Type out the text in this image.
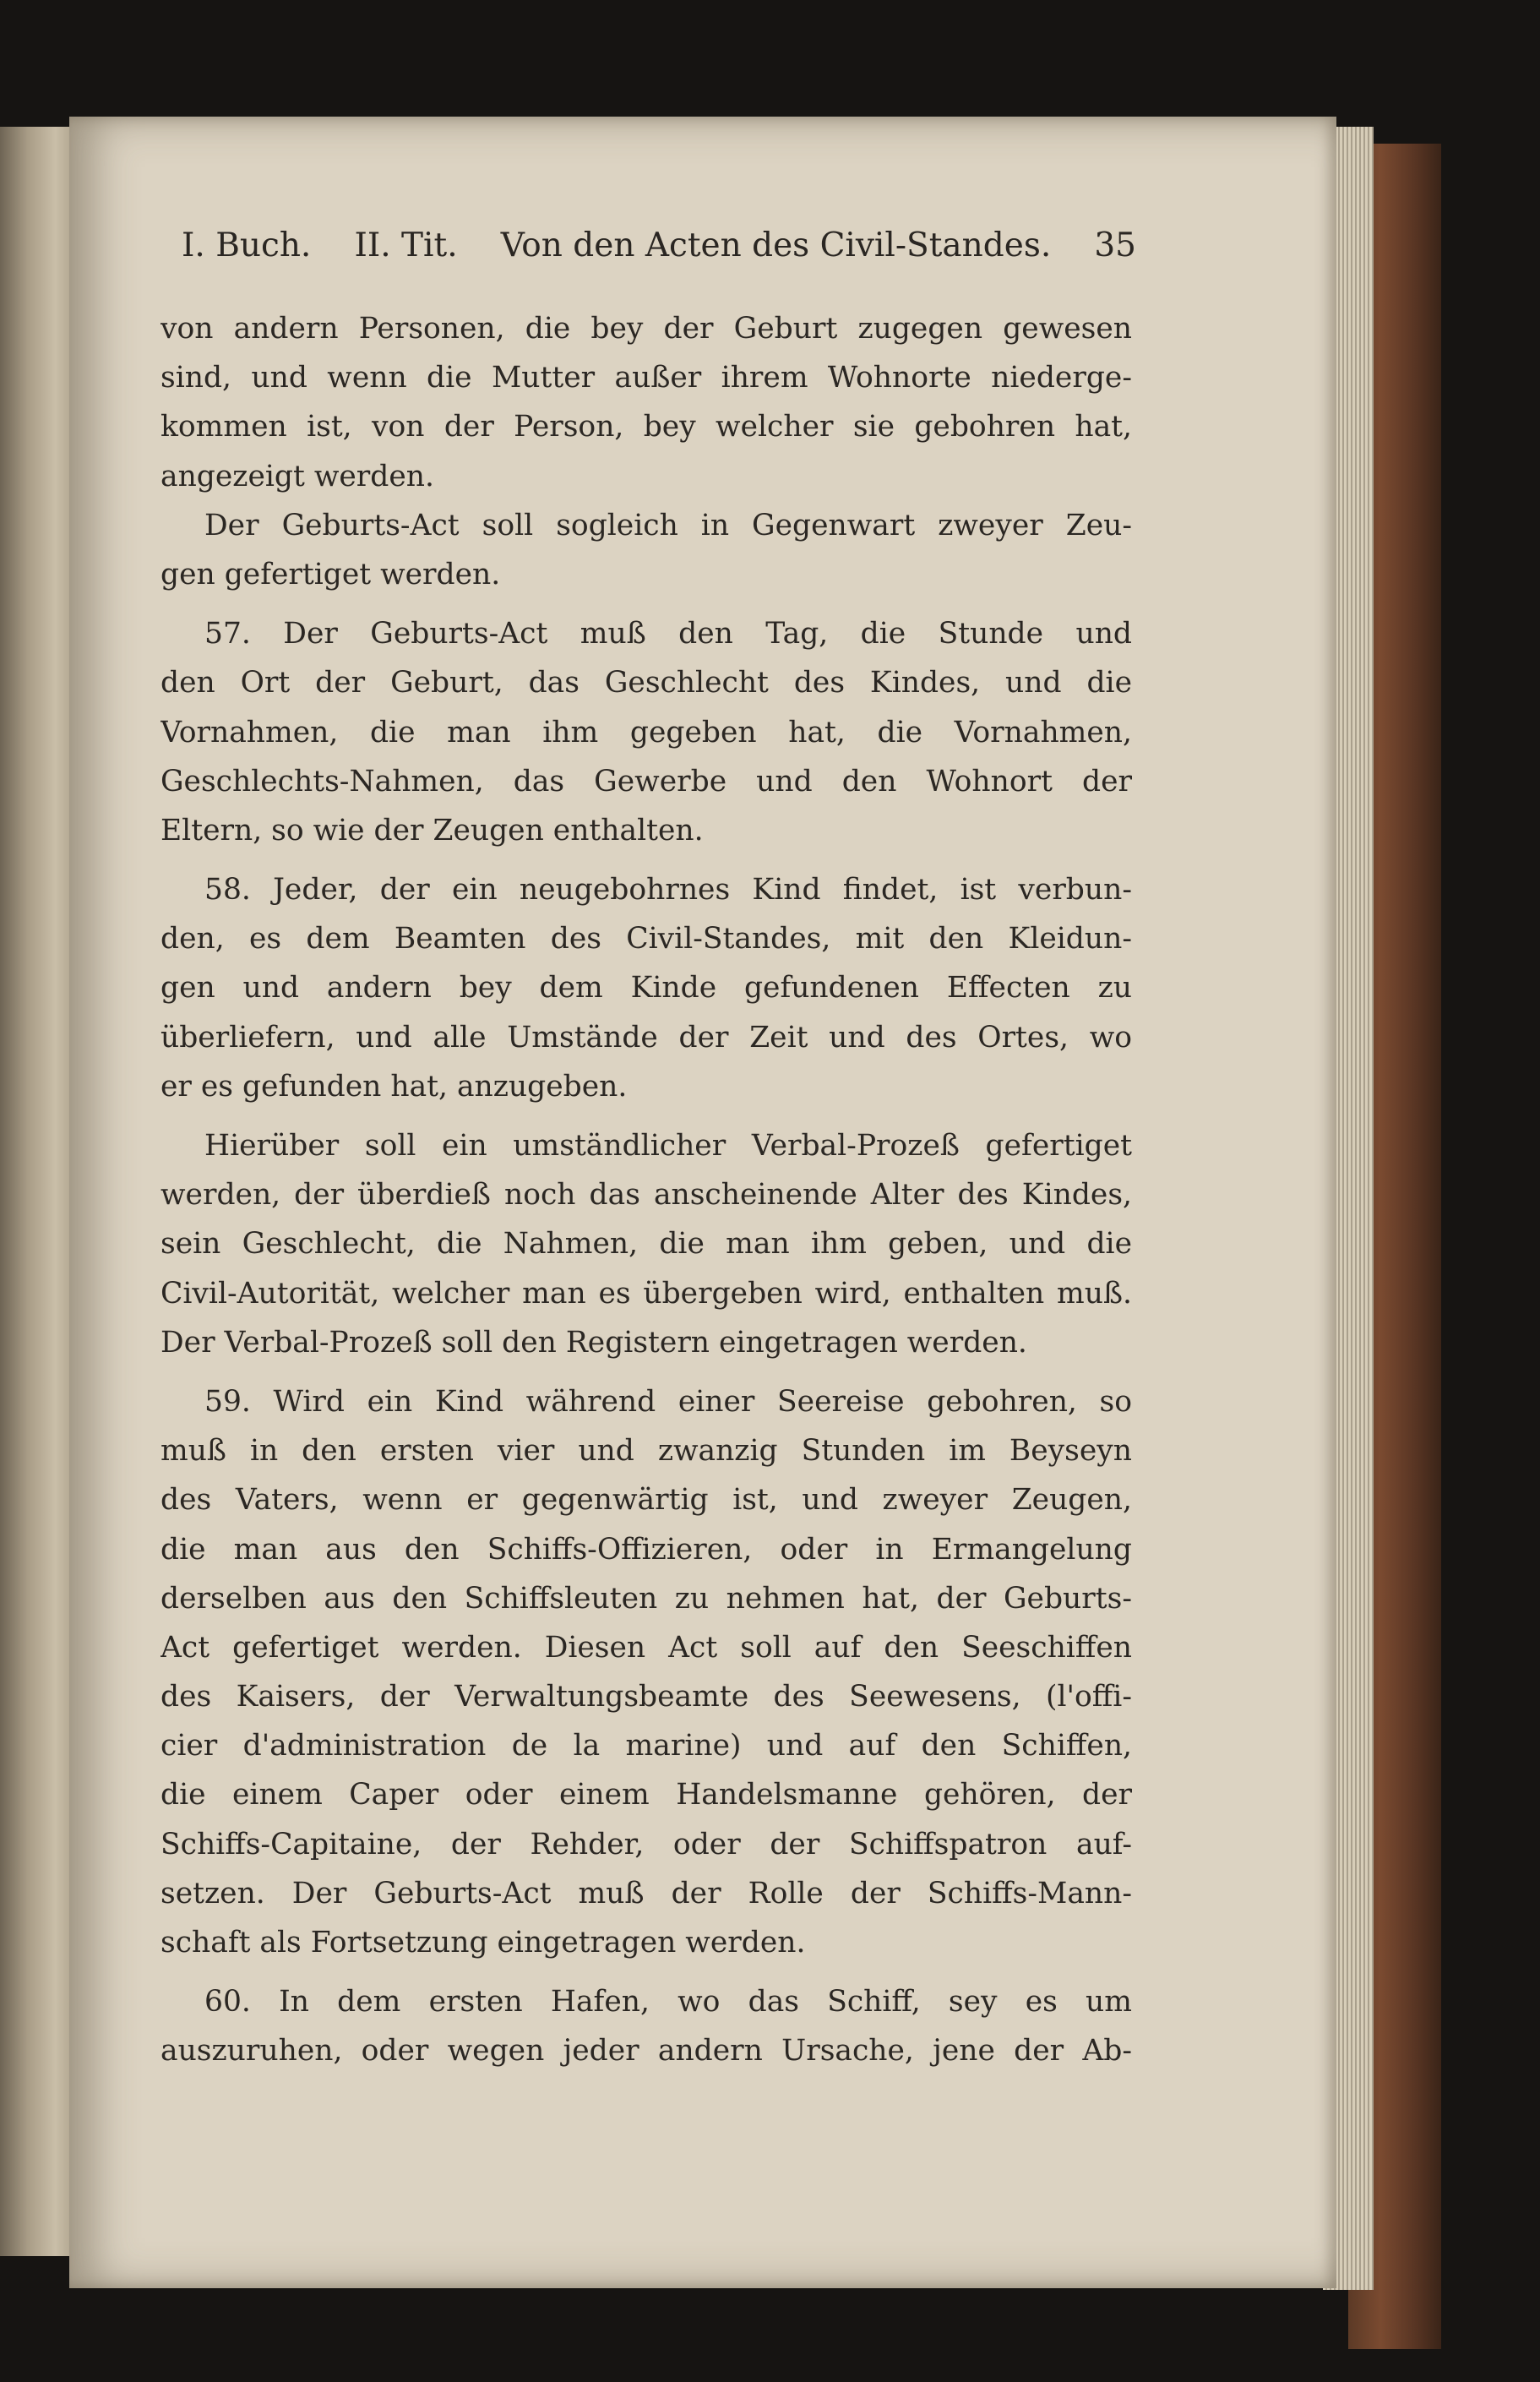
I. Buch. II. Tit. Von den Acten des Civil-Standes. 35
von andern Personen, die bey der Geburt zugegen gewesen
sind, und wenn die Mutter außer ihrem Wohnorte niederge-
kommen ist, von der Person, bey welcher sie gebohren hat,
angezeigt werden.
Der Geburts-Act soll sogleich in Gegenwart zweyer Zeu-
gen gefertiget werden.
57. Der Geburts-Act muß den Tag, die Stunde und
den Ort der Geburt, das Geschlecht des Kindes, und die
Vornahmen, die man ihm gegeben hat, die Vornahmen,
Geschlechts-Nahmen, das Gewerbe und den Wohnort der
Eltern, so wie der Zeugen enthalten.
58. Jeder, der ein neugebohrnes Kind findet, ist verbun-
den, es dem Beamten des Civil-Standes, mit den Kleidun-
gen und andern bey dem Kinde gefundenen Effecten zu
überliefern, und alle Umstände der Zeit und des Ortes, wo
er es gefunden hat, anzugeben.
Hierüber soll ein umständlicher Verbal-Prozeß gefertiget
werden, der überdieß noch das anscheinende Alter des Kindes,
sein Geschlecht, die Nahmen, die man ihm geben, und die
Civil-Autorität, welcher man es übergeben wird, enthalten muß.
Der Verbal-Prozeß soll den Registern eingetragen werden.
59. Wird ein Kind während einer Seereise gebohren, so
muß in den ersten vier und zwanzig Stunden im Beyseyn
des Vaters, wenn er gegenwärtig ist, und zweyer Zeugen,
die man aus den Schiffs-Offizieren, oder in Ermangelung
derselben aus den Schiffsleuten zu nehmen hat, der Geburts-
Act gefertiget werden. Diesen Act soll auf den Seeschiffen
des Kaisers, der Verwaltungsbeamte des Seewesens, (l'offi-
cier d'administration de la marine) und auf den Schiffen,
die einem Caper oder einem Handelsmanne gehören, der
Schiffs-Capitaine, der Rehder, oder der Schiffspatron auf-
setzen. Der Geburts-Act muß der Rolle der Schiffs-Mann-
schaft als Fortsetzung eingetragen werden.
60. In dem ersten Hafen, wo das Schiff, sey es um
auszuruhen, oder wegen jeder andern Ursache, jene der Ab-
